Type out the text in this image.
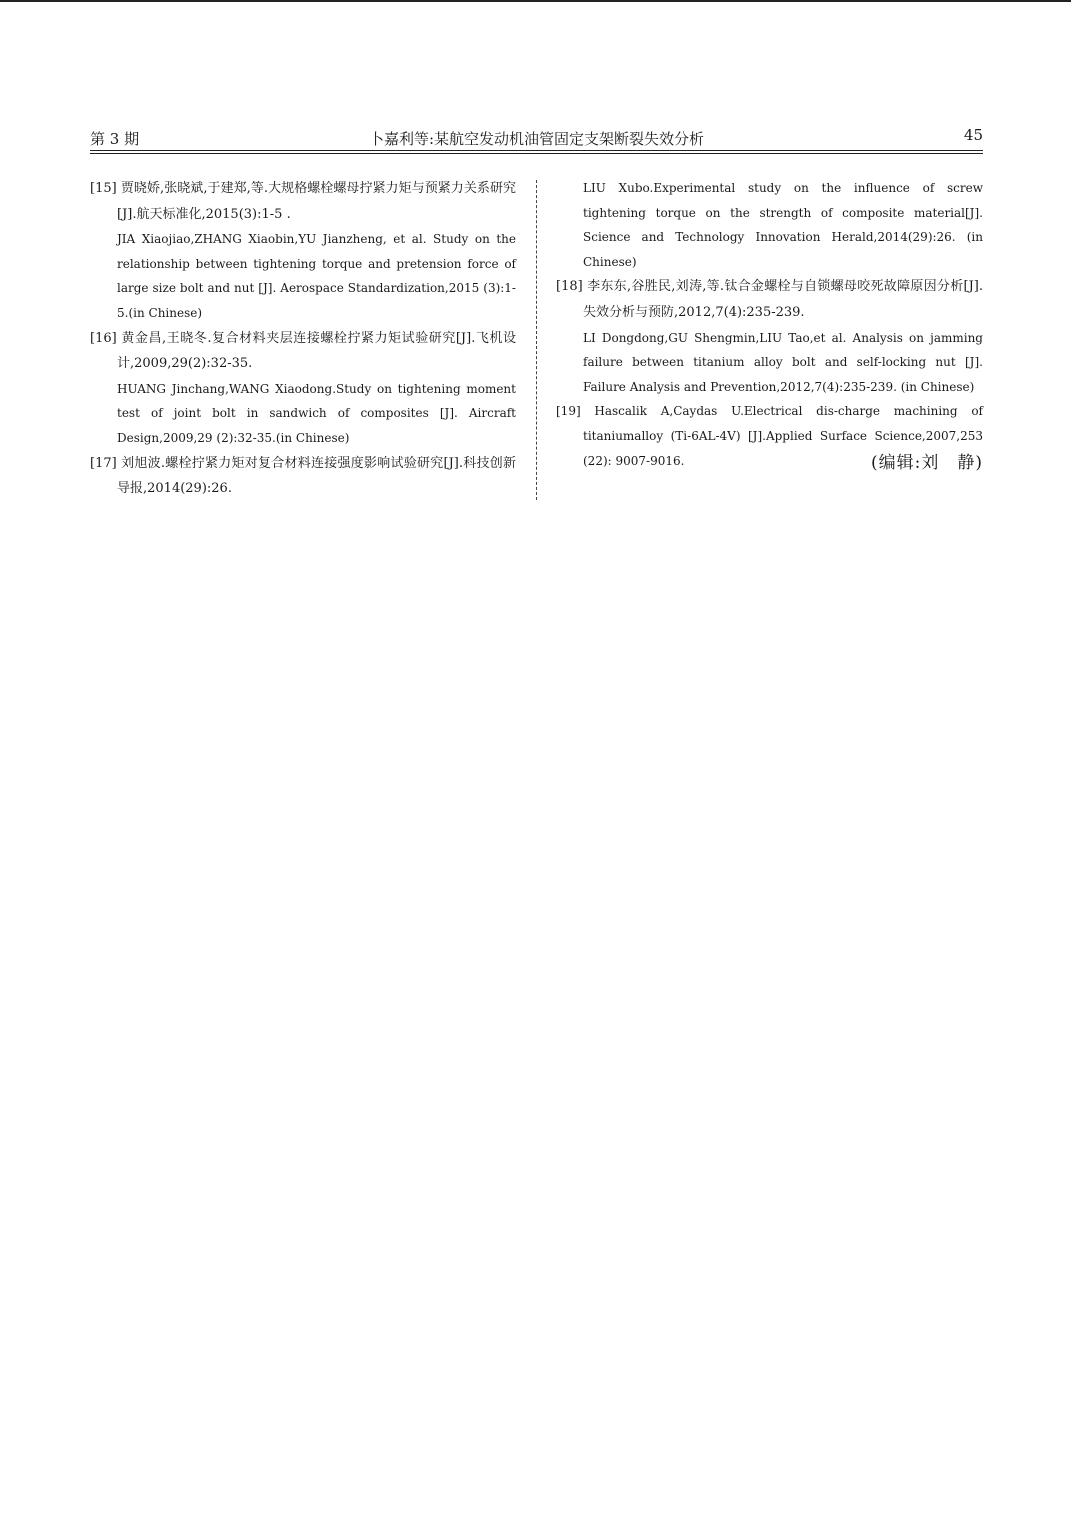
第 3 期	卜嘉利等:某航空发动机油管固定支架断裂失效分析	45
[15] 贾晓娇,张晓斌,于建郑,等.大规格螺栓螺母拧紧力矩与预紧力关系研究[J].航天标准化,2015(3):1-5 .
JIA Xiaojiao,ZHANG Xiaobin,YU Jianzheng, et al. Study on the relationship between tightening torque and pretension force of large size bolt and nut [J]. Aerospace Standardization,2015 (3):1-5.(in Chinese)
[16] 黄金昌,王晓冬.复合材料夹层连接螺栓拧紧力矩试验研究[J].飞机设计,2009,29(2):32-35.
HUANG Jinchang,WANG Xiaodong.Study on tightening moment test of joint bolt in sandwich of composites [J]. Aircraft Design,2009,29 (2):32-35.(in Chinese)
[17] 刘旭波.螺栓拧紧力矩对复合材料连接强度影响试验研究[J].科技创新导报,2014(29):26.
LIU Xubo.Experimental study on the influence of screw tightening torque on the strength of composite material[J]. Science and Technology Innovation Herald,2014(29):26. (in Chinese)
[18] 李东东,谷胜民,刘涛,等.钛合金螺栓与自锁螺母咬死故障原因分析[J].失效分析与预防,2012,7(4):235-239.
LI Dongdong,GU Shengmin,LIU Tao,et al. Analysis on jamming failure between titanium alloy bolt and self-locking nut [J]. Failure Analysis and Prevention,2012,7(4):235-239. (in Chinese)
[19] Hascalik A,Caydas U.Electrical dis-charge machining of titaniumalloy (Ti-6AL-4V) [J].Applied Surface Science,2007,253 (22): 9007-9016.	(编辑:刘　静)
